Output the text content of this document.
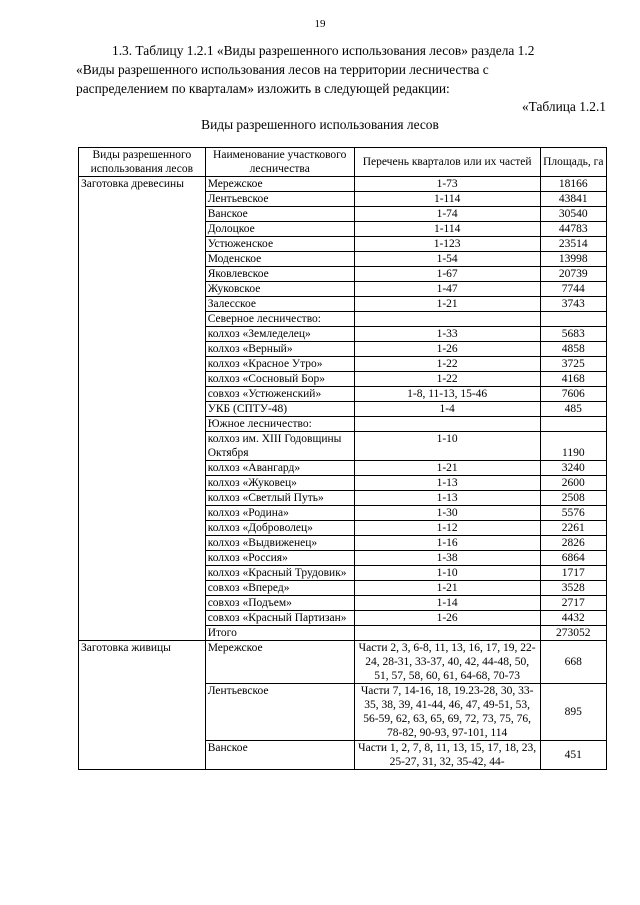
19
1.3. Таблицу 1.2.1 «Виды разрешенного использования лесов» раздела 1.2
«Виды разрешенного использования лесов на территории лесничества с
распределением по кварталам» изложить в следующей редакции:
«Таблица 1.2.1
Виды разрешенного использования лесов
Виды разрешенного использования лесов	Наименование участкового лесничества	Перечень кварталов или их частей	Площадь, га
Заготовка древесины	Мережское	1-73	18166
	Лентьевское	1-114	43841
	Ванское	1-74	30540
	Долоцкое	1-114	44783
	Устюженское	1-123	23514
	Моденское	1-54	13998
	Яковлевское	1-67	20739
	Жуковское	1-47	7744
	Залесское	1-21	3743
	Северное лесничество:		
	колхоз «Земледелец»	1-33	5683
	колхоз «Верный»	1-26	4858
	колхоз «Красное Утро»	1-22	3725
	колхоз «Сосновый Бор»	1-22	4168
	совхоз «Устюженский»	1-8, 11-13, 15-46	7606
	УКБ (СПТУ-48)	1-4	485
	Южное лесничество:		
	колхоз им. XIII Годовщины Октября	1-10	1190
	колхоз «Авангард»	1-21	3240
	колхоз «Жуковец»	1-13	2600
	колхоз «Светлый Путь»	1-13	2508
	колхоз «Родина»	1-30	5576
	колхоз «Доброволец»	1-12	2261
	колхоз «Выдвиженец»	1-16	2826
	колхоз «Россия»	1-38	6864
	колхоз «Красный Трудовик»	1-10	1717
	совхоз «Вперед»	1-21	3528
	совхоз «Подъем»	1-14	2717
	совхоз «Красный Партизан»	1-26	4432
	Итого		273052
Заготовка живицы	Мережское	Части 2, 3, 6-8, 11, 13, 16, 17, 19, 22-24, 28-31, 33-37, 40, 42, 44-48, 50, 51, 57, 58, 60, 61, 64-68, 70-73	668
	Лентьевское	Части 7, 14-16, 18, 19.23-28, 30, 33-35, 38, 39, 41-44, 46, 47, 49-51, 53, 56-59, 62, 63, 65, 69, 72, 73, 75, 76, 78-82, 90-93, 97-101, 114	895
	Ванское	Части 1, 2, 7, 8, 11, 13, 15, 17, 18, 23, 25-27, 31, 32, 35-42, 44-	451
